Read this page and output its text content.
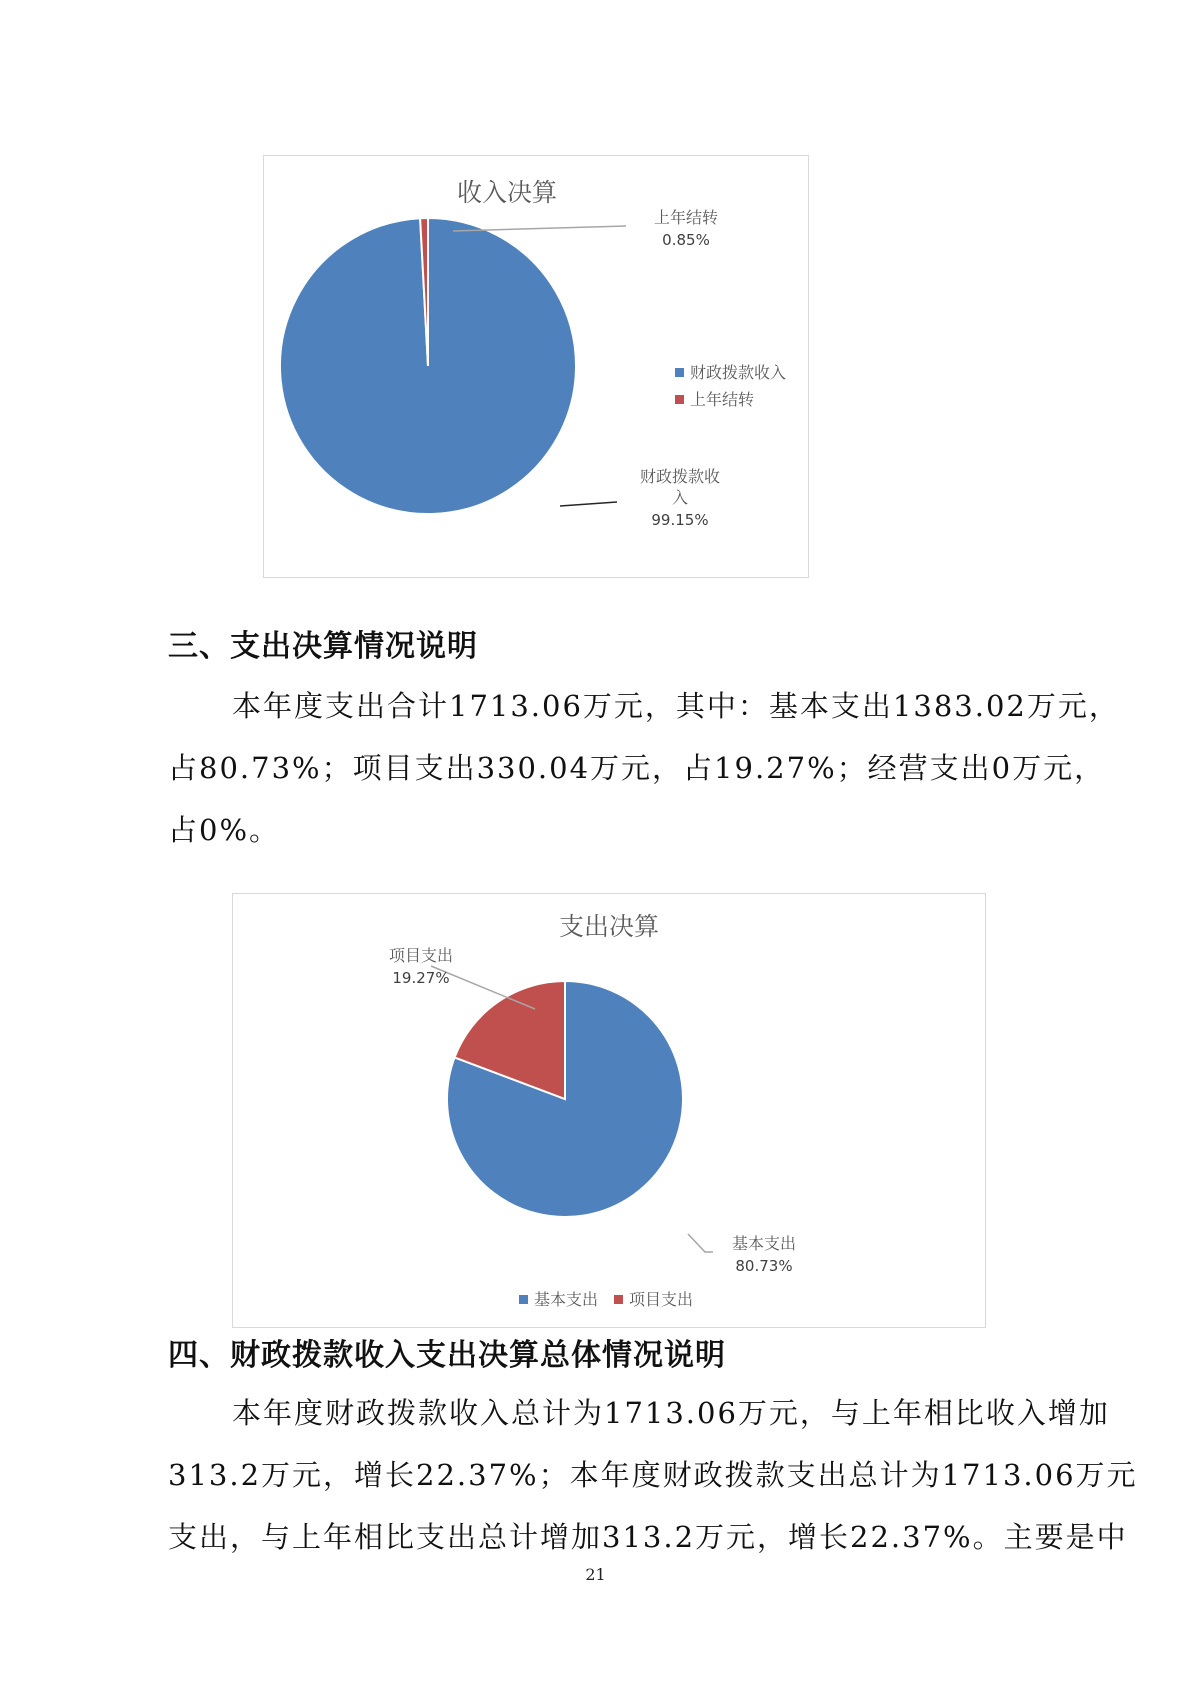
收入决算
上年结转
0.85%
财政拨款收
入
99.15%
财政拨款收入
上年结转
三、支出决算情况说明
本年度支出合计1713.06万元，其中：基本支出1383.02万元，
占80.73%；项目支出330.04万元，占19.27%；经营支出0万元，
占0%。
支出决算
项目支出
19.27%
基本支出
80.73%
基本支出 项目支出
四、财政拨款收入支出决算总体情况说明
本年度财政拨款收入总计为1713.06万元，与上年相比收入增加
313.2万元，增长22.37%；本年度财政拨款支出总计为1713.06万元
支出，与上年相比支出总计增加313.2万元，增长22.37%。主要是中
21
